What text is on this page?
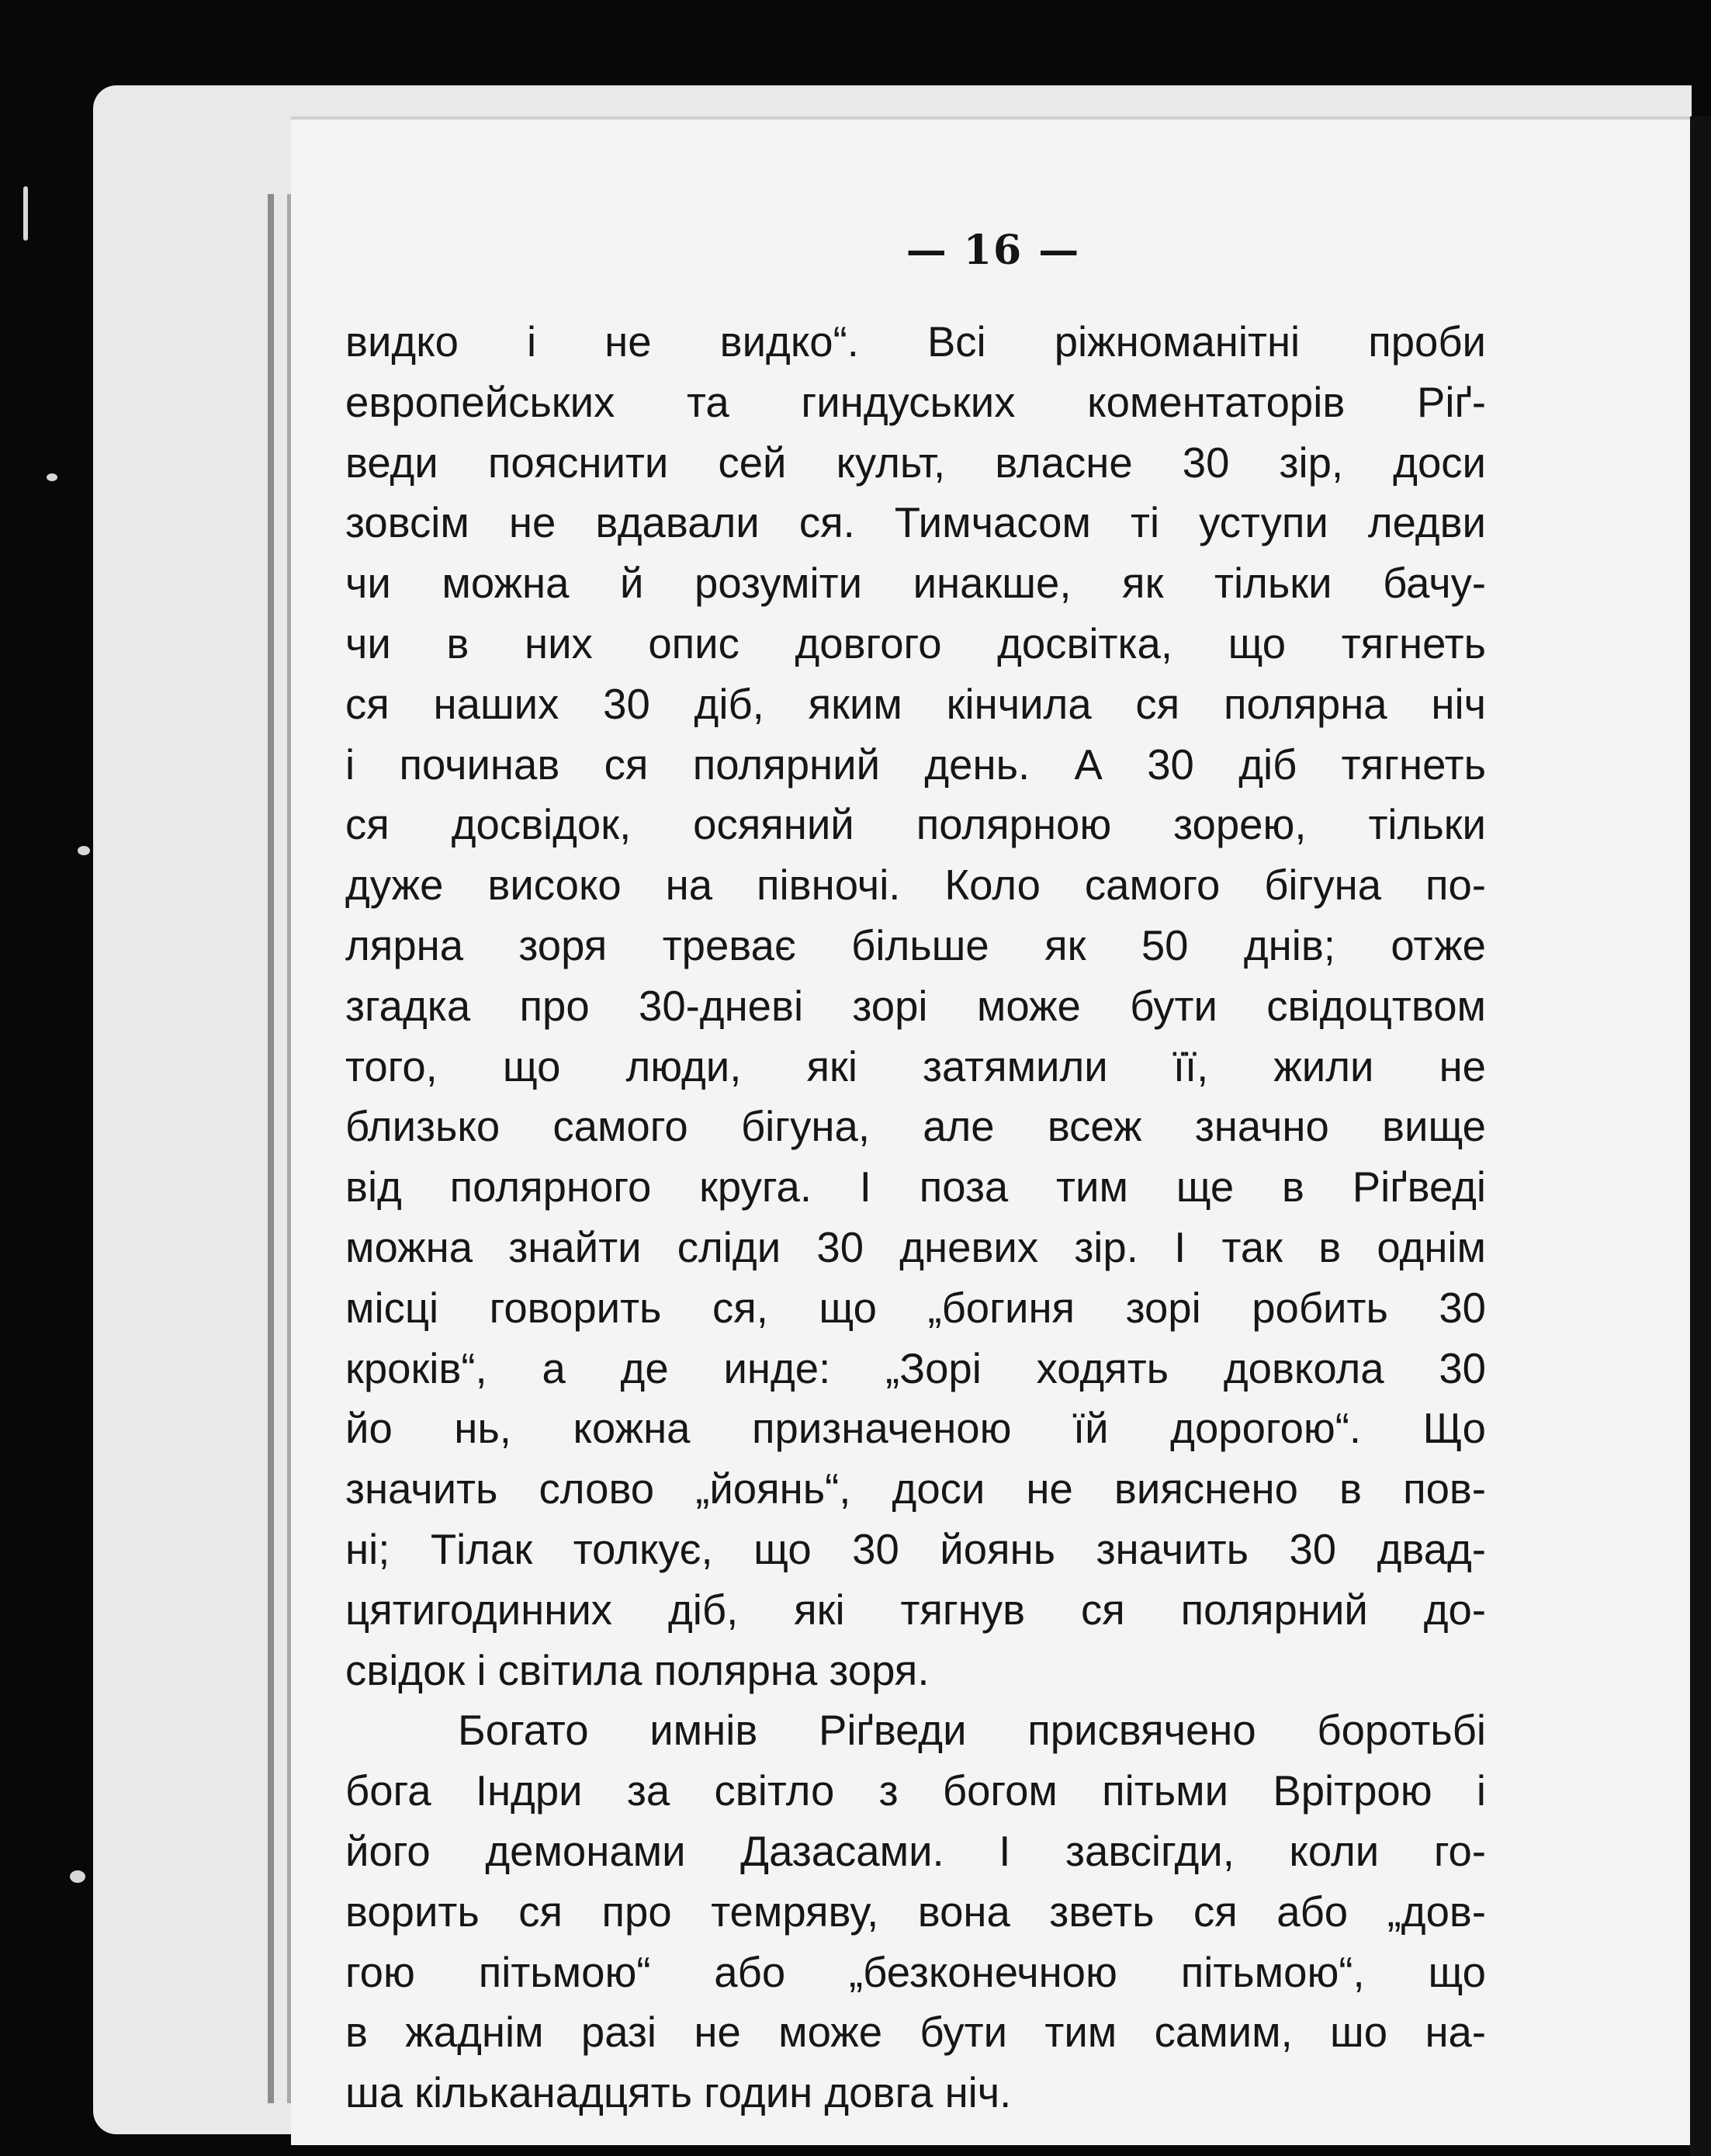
— 16 —
видко і не видко“. Всі ріжноманітні проби
европейських та гиндуських коментаторів Ріґ-
веди пояснити сей культ, власне 30 зір, доси
зовсім не вдавали ся. Тимчасом ті уступи ледви
чи можна й розуміти инакше, як тільки бачу-
чи в них опис довгого досвітка, що тягнеть
ся наших 30 діб, яким кінчила ся полярна ніч
і починав ся полярний день. А 30 діб тягнеть
ся досвідок, осяяний полярною зорею, тільки
дуже високо на півночі. Коло самого бігуна по-
лярна зоря треває більше як 50 днів; отже
згадка про 30-дневі зорі може бути свідоцтвом
того, що люди, які затямили її, жили не
близько самого бігуна, але всеж значно вище
від полярного круга. І поза тим ще в Ріґведі
можна знайти сліди 30 дневих зір. І так в однім
місці говорить ся, що „богиня зорі робить 30
кроків“, а де инде: „Зорі ходять довкола 30
йо нь, кожна призначеною їй дорогою“. Що
значить слово „йоянь“, доси не вияснено в пов-
ні; Тілак толкує, що 30 йоянь значить 30 двад-
цятигодинних діб, які тягнув ся полярний до-
свідок і світила полярна зоря.
Богато имнів Ріґведи присвячено боротьбі
бога Індри за світло з богом пітьми Врітрою і
його демонами Дазасами. І завсігди, коли го-
ворить ся про темряву, вона зветь ся або „дов-
гою пітьмою“ або „безконечною пітьмою“, що
в жаднім разі не може бути тим самим, шо на-
ша кільканадцять годин довга ніч.
